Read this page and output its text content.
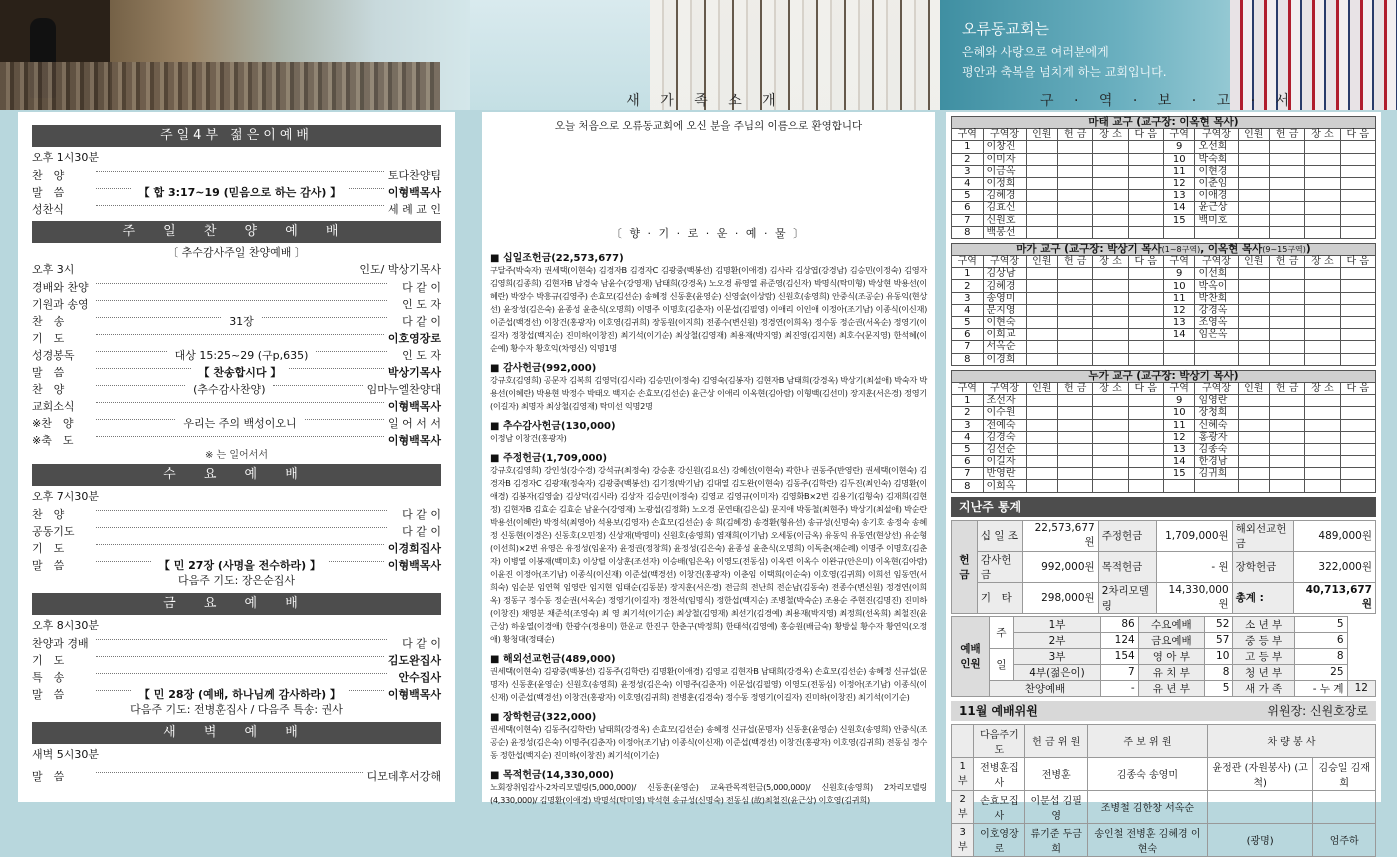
오류동교회는
은혜와 사랑으로 여러분에게
평안과 축복을 넘치게 하는 교회입니다.
새 가 족 소 개	구 · 역 · 보 · 고 · 서
주일4부 젊은이예배
오후 1시30분
찬　양	토다찬양팀
말　씀	【 합 3:17~19 (믿음으로 하는 감사) 】	이형백목사
성찬식	세 례 교 인
주 일 찬 양 예 배
〔 추수감사주일 찬양예배 〕
오후 3시	인도/ 박상기목사
경배와 찬양	다 같 이
기원과 송영	인 도 자
찬　송	31장	다 같 이
기　도	이호영장로
성경봉독	대상 15:25~29 (구p,635)	인 도 자
말　씀	【 찬송합시다 】	박상기목사
찬　양	(추수감사찬양)	임마누엘찬양대
교회소식	이형백목사
※찬　양	우리는 주의 백성이오니	일 어 서 서
※축　도	이형백목사
※ 는 일어서서
수 요 예 배
오후 7시30분
찬　양	다 같 이
공동기도	다 같 이
기　도	이경희집사
말　씀	【 민 27장 (사명을 전수하라) 】	이형백목사
다음주 기도: 장은순집사
금 요 예 배
오후 8시30분
찬양과 경배	다 같 이
기　도	김도완집사
특　송	안수집사
말　씀	【 민 28장 (예배, 하나님께 감사하라) 】	이형백목사
다음주 기도: 전병훈집사 / 다음주 특송: 권사
새 벽 예 배
새벽 5시30분
말　씀	디모데후서강해
오늘 처음으로 오류동교회에 오신 분을 주님의 이름으로 환영합니다
〔 향 · 기 · 로 · 운 · 예 · 물 〕
■ 십일조헌금(22,573,677)
구달주(박숙자) 권세택(이현숙) 김경자B 김경자C 김광중(백봉선) 김명환(이애경) 김사라 김상엽(강경남) 김승민(이정숙) 김영자 김영희(김종희) 김현자B 남경숙 남윤수(강영재) 남태희(강경옥) 노오경 류영열 류준영(김신자) 박명식(탁미형) 박상현 박용선(이혜란) 박장수 박흥규(김영주) 손효모(김선순) 송혜정 신동훈(윤영순) 신영술(이상람) 신원호(송영희) 안중식(조공순) 유동익(현상선) 윤장성(김은숙) 윤종성 윤춘식(오명희) 이명주 이명호(김춘자) 이문섭(김필영) 이애리 이인애 이정아(조기남) 이종식(이신재) 이준섭(백경선) 이창건(홍광자) 이호영(김귀희) 장동원(이지희) 전종수(변신원) 정경연(이희옥) 정수동 정순권(서옥순) 정영기(이길자) 정창섭(백지순) 진미하(이창진) 최기석(이기순) 최상철(김영재) 최용재(박지영) 최진영(김지현) 최호수(문지영) 한석혜(이순예) 황수자 황호익(차영신) 익명1명
■ 감사헌금(992,000)
강규호(김영희) 공문자 김복희 김영덕(김시라) 김승민(이정숙) 김영숙(김봉자) 김현자B 남태희(강경옥) 박상기(최설애) 박숙자 박용선(이혜란) 박용현 박정수 박태오 백지순 손효모(김선순) 윤근상 이애리 이옥현(김아람) 이형백(김선미) 장지훈(서은경) 정영기(이길자) 최명자 최상철(김영재) 탁미선 익명2명
■ 추수감사헌금(130,000)
이정남 이창건(홍광자)
■ 주정헌금(1,709,000)
강규호(김영희) 강인성(강수경) 강석규(최정숙) 강승훈 강신원(김요신) 강혜선(이현숙) 곽한나 권동주(반영란) 권세택(이현숙) 김경자B 김경자C 김광재(정숙자) 김광중(백봉선) 김기정(박기남) 김대열 김도완(이현숙) 김동주(김학란) 김두진(최인숙) 김명환(이애경) 김봉자(김영술) 김상덕(김시라) 김상자 김승민(이정숙) 김영교 김영규(이미자) 김영화B×2번 김용기(김형숙) 김재희(김현정) 김현자B 김효순 김효순 남윤수(강영재) 노광섭(김정화) 노오경 문연태(김은실) 문지애 박동철(최현주) 박상기(최설애) 박순란 박용선(이혜란) 박정석(최영아) 석용보(김영자) 손효모(김선순) 송 희(김혜경) 송경환(형유선) 송규성(신명숙) 송기호 송정숙 송혜정 신동현(이경은) 신동호(오민정) 신상재(박명미) 신원호(송영희) 염재희(이기남) 오세동(이금옥) 유동익 유동연(현상선) 유순형(이선희)×2번 유영은 유정성(임윤자) 윤정권(정창희) 윤정성(김은숙) 윤종성 윤춘식(오명희) 이독춘(채순례) 이명주 이명호(김춘자) 이병열 이봉재(백미호) 이상렬 이상훈(조선자) 이승배(임은옥) 이영도(전동심) 이옥련 이옥수 이완규(안은미) 이옥현(김아람) 이윤진 이정아(조기남) 이종식(이신재) 이준섭(백경선) 이창건(홍광자) 이춘임 이택희(이순숙) 이호영(김귀희) 이희선 임동연(서희숙) 임순분 임연혁 임영란 임지현 임태순(김동분) 장지훈(서은경) 전금희 전난희 전순남(김동숙) 전종수(변신원) 정경연(이희옥) 정동구 정수동 정순권(서옥순) 정영기(이길자) 정찬석(임명식) 정한섭(백지순) 조병철(박숙순) 조용순 주현진(김명진) 진미하(이창진) 채영분 채준석(조영숙) 최 영 최기석(이기순) 최상철(김영재) 최선기(김경예) 최용재(박지영) 최정희(선옥희) 최철진(윤근상) 하웅열(이경애) 한광수(정용미) 한운교 한진구 한춘구(박정희) 한태석(김영예) 홍승원(배금숙) 황방실 황수자 황연익(오정애) 황청대(정태순)
■ 해외선교헌금(489,000)
권세택(이현숙) 김광중(백봉선) 김동주(김학란) 김명환(이애경) 김영교 김현자B 남태희(강경옥) 손효모(김선순) 송혜정 신규섭(문명자) 신동훈(윤영순) 신원호(송영희) 윤정성(김은숙) 이명주(김춘자) 이문섭(김필영) 이영도(전동심) 이정아(조기남) 이종식(이신재) 이준섭(백경선) 이창건(홍광자) 이호영(김귀희) 전병훈(김경숙) 정수동 정영기(이길자) 진미하(이창진) 최기석(이기순)
■ 장학헌금(322,000)
권세택(이현숙) 김동주(김학란) 남태희(강경옥) 손효모(김선순) 송혜정 신규섭(문명자) 신동훈(윤영순) 신원호(송영희) 안중식(조공순) 윤정성(김은숙) 이명주(김춘자) 이정아(조기남) 이종식(이신재) 이준섭(백경선) 이창건(홍광자) 이호영(김귀희) 전동심 정수동 정한섭(백지순) 진미하(이창진) 최기석(이기순)
■ 목적헌금(14,330,000)
노회장취임감사-2차리모델링(5,000,000)/ 신동훈(윤영순) 교육관목적헌금(5,000,000)/ 신원호(송영희) 2차리모델링(4,330,000)/ 김명환(이애경) 박명석(탁미영) 박석현 송규성(신명숙) 전동심 (故)최철진(윤근상) 이호영(김귀희)
마태 교구 (교구장: 이옥현 목사)											
구역	구역장	인원	헌 금	장 소	다 음	구역	구역장	인원	헌 금	장 소	다 음
1	이창진					9	오선희				
2	이미자					10	박숙희				
3	이금옥					11	이현경				
4	이정희					12	이춘임				
5	김혜경					13	이애경				
6	김효신					14	윤근상				
7	신원호					15	백미호				
8	백봉선										
마가 교구 (교구장: 박상기 목사(1~8구역), 이옥현 목사(9~15구역))											
구역	구역장	인원	헌 금	장 소	다 음	구역	구역장	인원	헌 금	장 소	다 음
1	김상남					9	이선희				
2	김혜경					10	박옥이				
3	송영미					11	박찬희				
4	문지영					12	강경옥				
5	이현숙					13	조영옥				
6	이희교					14	임은옥				
7	서옥순										
8	이경희										
누가 교구 (교구장: 박상기 목사)											
구역	구역장	인원	헌 금	장 소	다 음	구역	구역장	인원	헌 금	장 소	다 음
1	조선자					9	임영란				
2	이수원					10	장청희				
3	전예숙					11	신혜숙				
4	김경숙					12	홍광자				
5	김선순					13	김종숙				
6	이길자					14	한경남				
7	반영란					15	김귀희				
8	이희옥										
지난주 통계
헌금	십 일 조	22,573,677원	주정헌금	1,709,000원	해외선교헌금	489,000원
	감사헌금	992,000원	목적헌금	- 원	장학헌금	322,000원
	기　타	298,000원	2차리모델링	14,330,000원	총계 :	40,713,677원
예배
인원	주	1부	86	수요예배	52	소 년 부	5	
		2부	124	금요예배	57	중 등 부	6	
	일	3부	154	영 아 부	10	고 등 부	8	
		4부(젊은이)	7	유 치 부	8	청 년 부	25	
	찬양예배		-	유 년 부	5	새 가 족	- 누 계	12
11월 예배위원	위원장: 신원호장로
	다음주기도	헌 금 위 원	주 보 위 원	차 량 봉 사	
1부	전병훈집사	전병훈	김종숙 송영미	윤정관 (자원봉사) (고척)	김승일 김재희
2부	손효모집사	이문섭 김필영	조병철 김한창 서옥순		
3부	이호영장로	류기준 두금희	송인철 전병훈 김혜경 이현숙	(광명)	엄주하
